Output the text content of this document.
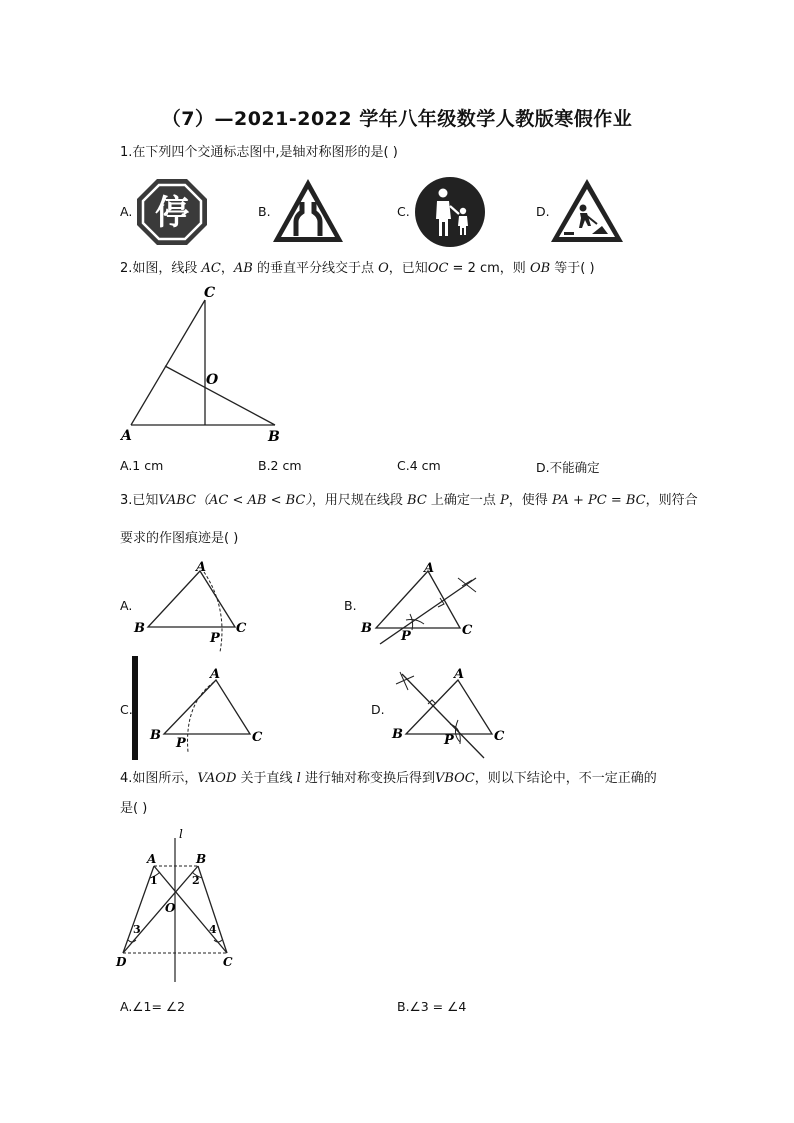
（7）—2021-2022 学年八年级数学人教版寒假作业
1.在下列四个交通标志图中,是轴对称图形的是( )
A. 停	B.	C.	D.
2.如图，线段 AC，AB 的垂直平分线交于点 O，已知OC = 2 cm，则 OB 等于( )
C
O
A	B
A.1 cm	B.2 cm	C.4 cm	D.不能确定
3.已知VABC（AC < AB < BC），用尺规在线段 BC 上确定一点 P，使得 PA + PC = BC，则符合
要求的作图痕迹是( )
A.
A
B	C
P
B.
A
B	C
P
C.
A
B	C
P
D.
A
B	C
P
4.如图所示，VAOD 关于直线 l 进行轴对称变换后得到VBOC，则以下结论中，不一定正确的
是( )
l
A	B
1	2
O
3	4
D	C
A.∠1= ∠2	B.∠3 = ∠4
